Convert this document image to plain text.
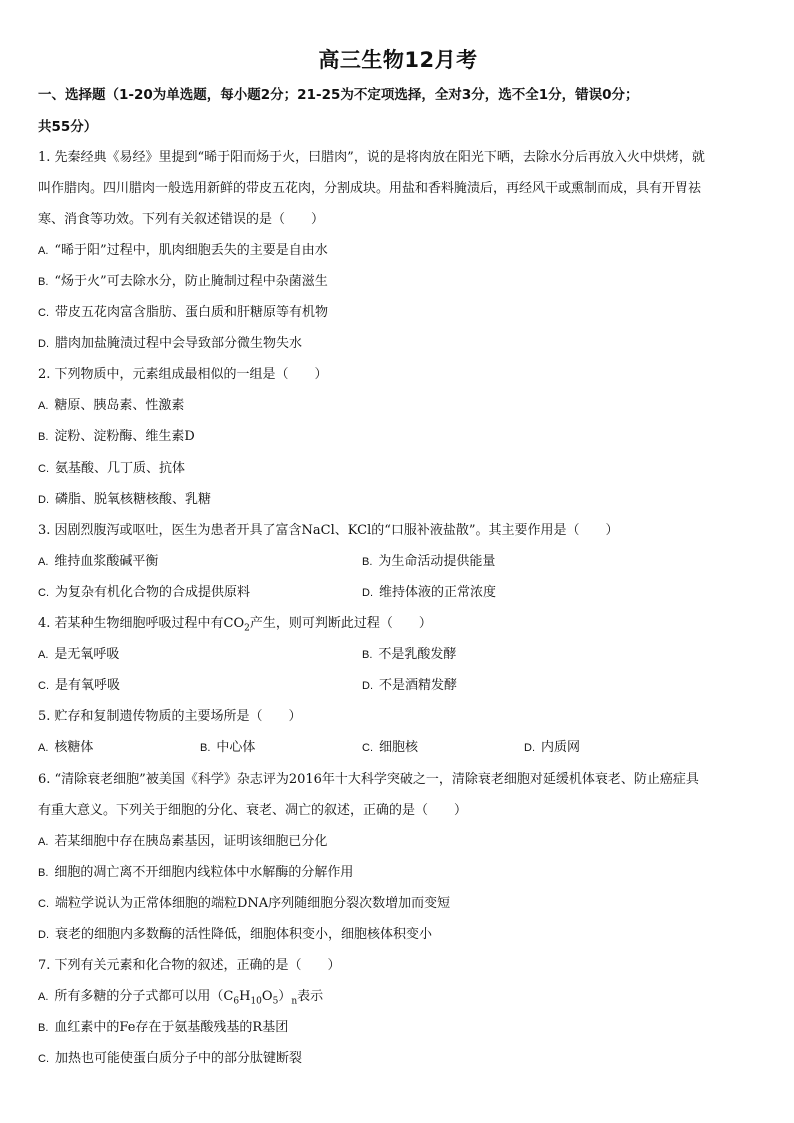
高三生物12月考
一、选择题（1-20为单选题，每小题2分；21-25为不定项选择，全对3分，选不全1分，错误0分；
共55分）
1. 先秦经典《易经》里提到“晞于阳而炀于火，曰腊肉”，说的是将肉放在阳光下晒，去除水分后再放入火中烘烤，就
叫作腊肉。四川腊肉一般选用新鲜的带皮五花肉，分割成块。用盐和香料腌渍后，再经风干或熏制而成，具有开胃祛
寒、消食等功效。下列有关叙述错误的是（　　）
A. “晞于阳”过程中，肌肉细胞丢失的主要是自由水
B. “炀于火”可去除水分，防止腌制过程中杂菌滋生
C. 带皮五花肉富含脂肪、蛋白质和肝糖原等有机物
D. 腊肉加盐腌渍过程中会导致部分微生物失水
2. 下列物质中，元素组成最相似的一组是（　　）
A. 糖原、胰岛素、性激素
B. 淀粉、淀粉酶、维生素D
C. 氨基酸、几丁质、抗体
D. 磷脂、脱氧核糖核酸、乳糖
3. 因剧烈腹泻或呕吐，医生为患者开具了富含NaCl、KCl的“口服补液盐散”。其主要作用是（　　）
A. 维持血浆酸碱平衡	B. 为生命活动提供能量
C. 为复杂有机化合物的合成提供原料	D. 维持体液的正常浓度
4. 若某种生物细胞呼吸过程中有$CO_2$产生，则可判断此过程（　　）
A. 是无氧呼吸	B. 不是乳酸发酵
C. 是有氧呼吸	D. 不是酒精发酵
5. 贮存和复制遗传物质的主要场所是（　　）
A. 核糖体	B. 中心体	C. 细胞核	D. 内质网
6. “清除衰老细胞”被美国《科学》杂志评为2016年十大科学突破之一，清除衰老细胞对延缓机体衰老、防止癌症具
有重大意义。下列关于细胞的分化、衰老、凋亡的叙述，正确的是（　　）
A. 若某细胞中存在胰岛素基因，证明该细胞已分化
B. 细胞的凋亡离不开细胞内线粒体中水解酶的分解作用
C. 端粒学说认为正常体细胞的端粒DNA序列随细胞分裂次数增加而变短
D. 衰老的细胞内多数酶的活性降低，细胞体积变小，细胞核体积变小
7. 下列有关元素和化合物的叙述，正确的是（　　）
A. 所有多糖的分子式都可以用$(C_6H_{10}O_5)_n$表示
B. 血红素中的Fe存在于氨基酸残基的R基团
C. 加热也可能使蛋白质分子中的部分肽键断裂
